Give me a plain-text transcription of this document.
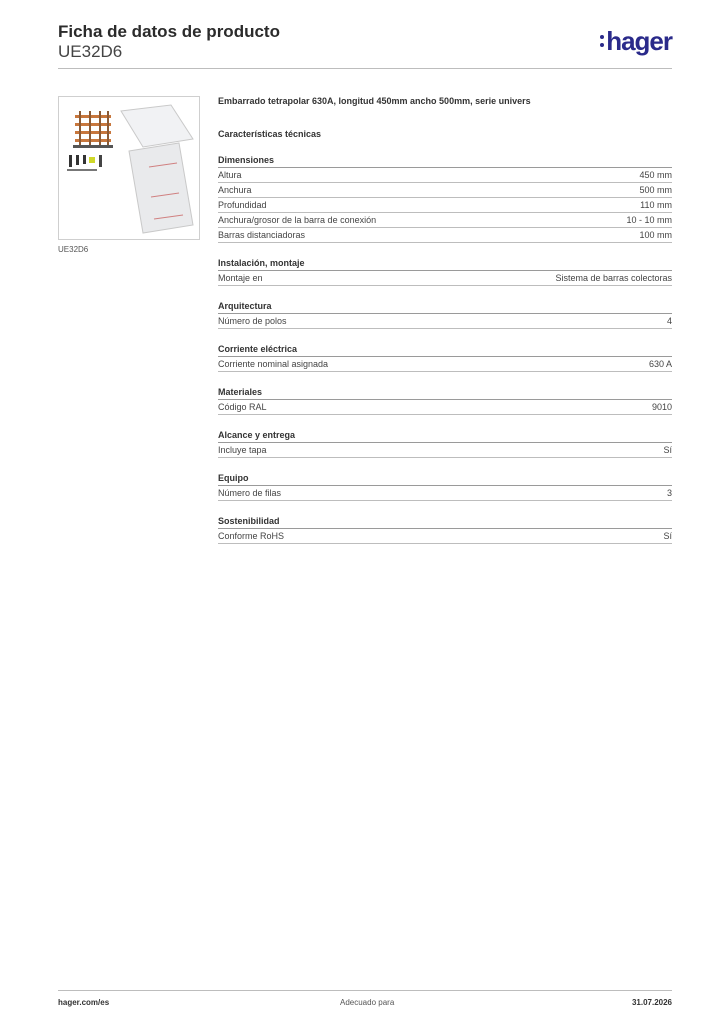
Ficha de datos de producto
UE32D6	hager
UE32D6

Embarrado tetrapolar 630A, longitud 450mm ancho 500mm, serie univers

Características técnicas
Dimensiones
Altura	450 mm
Anchura	500 mm
Profundidad	110 mm
Anchura/grosor de la barra de conexión	10 - 10 mm
Barras distanciadoras	100 mm
Instalación, montaje
Montaje en	Sistema de barras colectoras
Arquitectura
Número de polos	4
Corriente eléctrica
Corriente nominal asignada	630 A
Materiales
Código RAL	9010
Alcance y entrega
Incluye tapa	Sí
Equipo
Número de filas	3
Sostenibilidad
Conforme RoHS	Sí
hager.com/es	Adecuado para	31.07.2026
